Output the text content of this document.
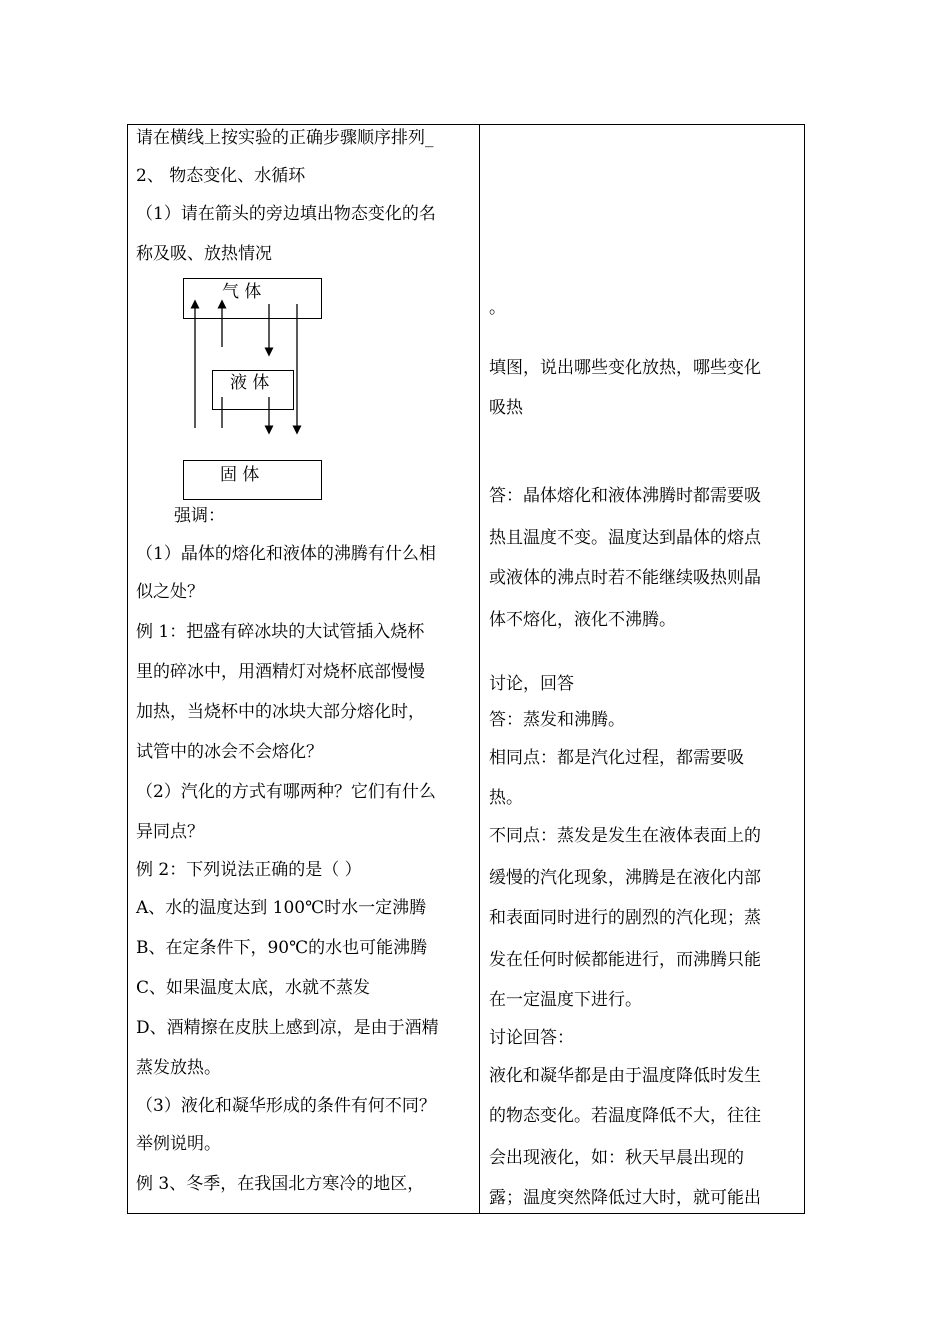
请在横线上按实验的正确步骤顺序排列_
2、 物态变化、水循环
（1）请在箭头的旁边填出物态变化的名
称及吸、放热情况
气 体
液 体
固 体
强调：
（1）晶体的熔化和液体的沸腾有什么相
似之处？
例 1：把盛有碎冰块的大试管插入烧杯
里的碎冰中，用酒精灯对烧杯底部慢慢
加热，当烧杯中的冰块大部分熔化时，
试管中的冰会不会熔化？
（2）汽化的方式有哪两种？它们有什么
异同点？
例 2：下列说法正确的是（ ）
A、水的温度达到 100℃时水一定沸腾
B、在定条件下，90℃的水也可能沸腾
C、如果温度太底，水就不蒸发
D、酒精擦在皮肤上感到凉，是由于酒精
蒸发放热。
（3）液化和凝华形成的条件有何不同？
举例说明。
例 3、冬季，在我国北方寒冷的地区，
。
填图，说出哪些变化放热，哪些变化
吸热
答：晶体熔化和液体沸腾时都需要吸
热且温度不变。温度达到晶体的熔点
或液体的沸点时若不能继续吸热则晶
体不熔化，液化不沸腾。
讨论，回答
答：蒸发和沸腾。
相同点：都是汽化过程，都需要吸
热。
不同点：蒸发是发生在液体表面上的
缓慢的汽化现象，沸腾是在液化内部
和表面同时进行的剧烈的汽化现；蒸
发在任何时候都能进行，而沸腾只能
在一定温度下进行。
讨论回答：
液化和凝华都是由于温度降低时发生
的物态变化。若温度降低不大，往往
会出现液化，如：秋天早晨出现的
露；温度突然降低过大时，就可能出
